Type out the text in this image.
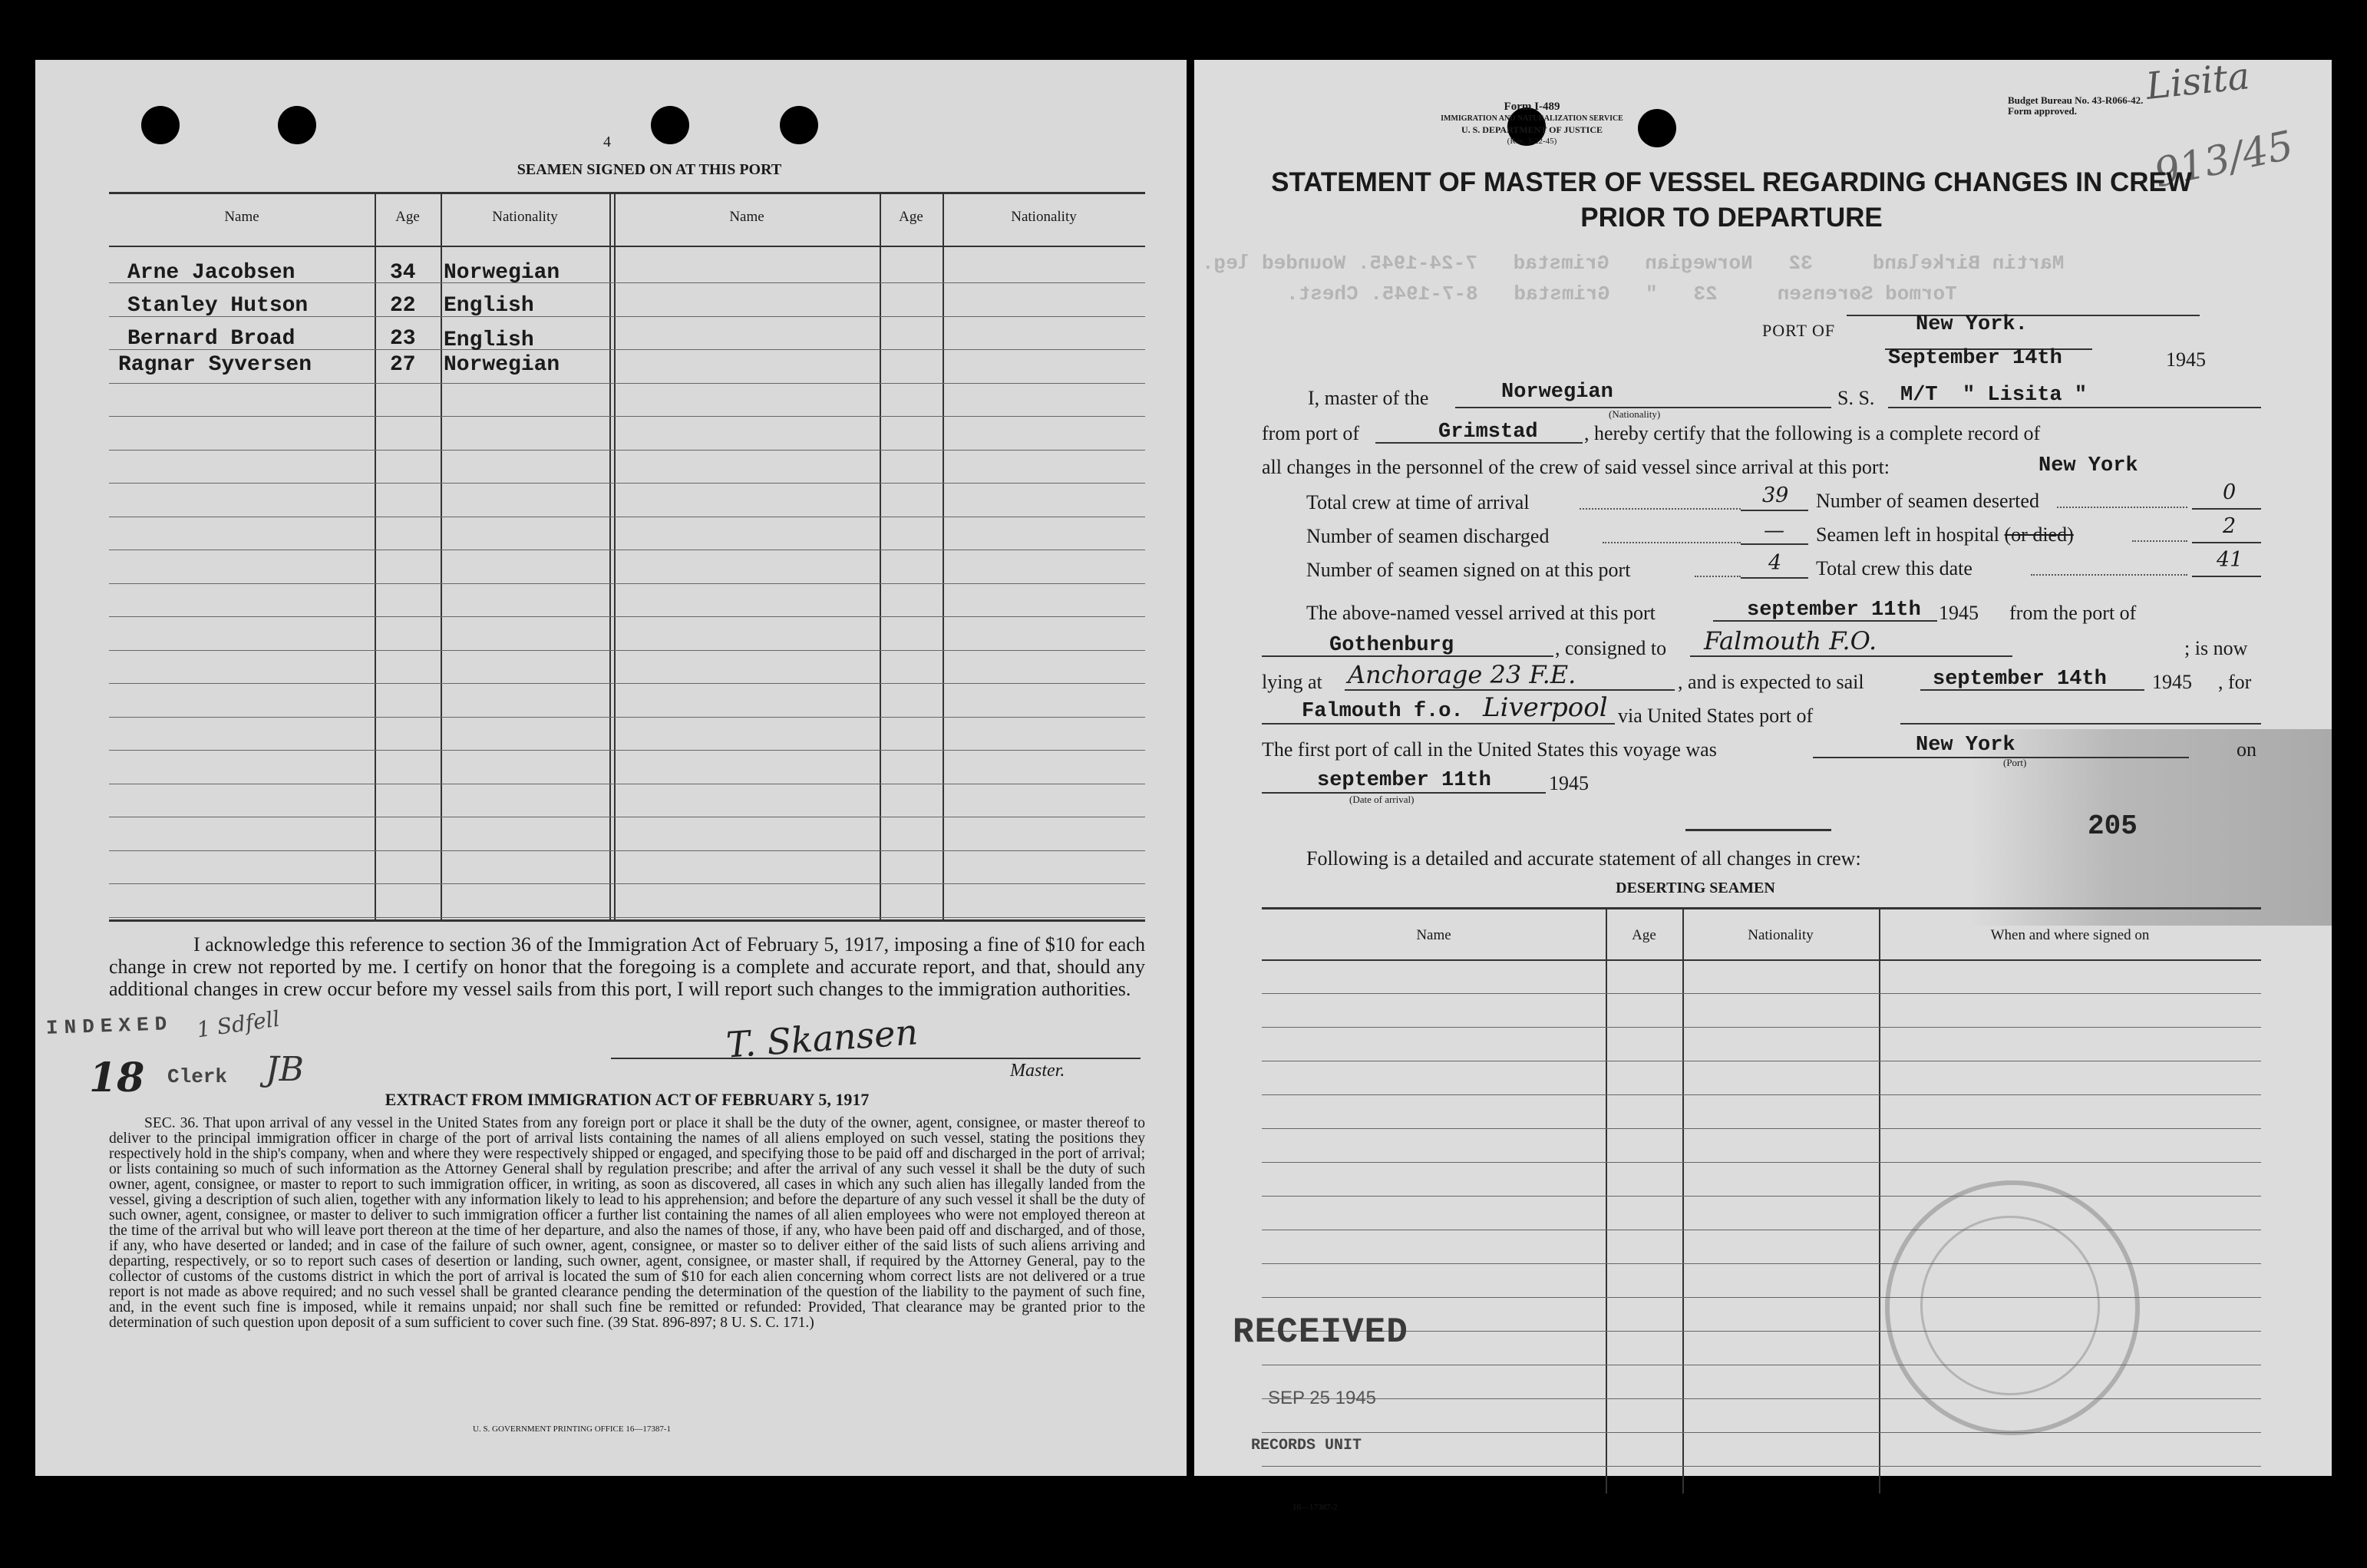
4
SEAMEN SIGNED ON AT THIS PORT
Name	Age	Nationality	Name	Age	Nationality
Arne Jacobsen	34 Norwegian
Stanley Hutson	22 English
Bernard Broad	23 English
Ragnar Syversen	27 Norwegian
I acknowledge this reference to section 36 of the Immigration Act of February 5, 1917, imposing a fine of $10 for each change in crew not reported by me. I certify on honor that the foregoing is a complete and accurate report, and that, should any additional changes in crew occur before my vessel sails from this port, I will report such changes to the immigration authorities.
INDEXED 1 Sdfell
18 Clerk JB
T. Skansen
Master.
EXTRACT FROM IMMIGRATION ACT OF FEBRUARY 5, 1917
SEC. 36. That upon arrival of any vessel in the United States from any foreign port or place it shall be the duty of the owner, agent, consignee, or master thereof to deliver to the principal immigration officer in charge of the port of arrival lists containing the names of all aliens employed on such vessel, stating the positions they respectively hold in the ship's company, when and where they were respectively shipped or engaged, and specifying those to be paid off and discharged in the port of arrival; or lists containing so much of such information as the Attorney General shall by regulation prescribe; and after the arrival of any such vessel it shall be the duty of such owner, agent, consignee, or master to report to such immigration officer, in writing, as soon as discovered, all cases in which any such alien has illegally landed from the vessel, giving a description of such alien, together with any information likely to lead to his apprehension; and before the departure of any such vessel it shall be the duty of such owner, agent, consignee, or master to deliver to such immigration officer a further list containing the names of all alien employees who were not employed thereon at the time of the arrival but who will leave port thereon at the time of her departure, and also the names of those, if any, who have been paid off and discharged, and of those, if any, who have deserted or landed; and in case of the failure of such owner, agent, consignee, or master so to deliver either of the said lists of such aliens arriving and departing, respectively, or so to report such cases of desertion or landing, such owner, agent, consignee, or master shall, if required by the Attorney General, pay to the collector of customs of the customs district in which the port of arrival is located the sum of $10 for each alien concerning whom correct lists are not delivered or a true report is not made as above required; and no such vessel shall be granted clearance pending the determination of the question of the liability to the payment of such fine, and, in the event such fine is imposed, while it remains unpaid; nor shall such fine be remitted or refunded: Provided, That clearance may be granted prior to the determination of such question upon deposit of a sum sufficient to cover such fine. (39 Stat. 896-897; 8 U. S. C. 171.)
U. S. GOVERNMENT PRINTING OFFICE 16—17387-1
Martin Birkeland     32   Norwegian   Grimstad   7-24-1945. Wounded leg.
Tormod Sørensen     23   "   Grimstad   8-7-1945. Chest.
Form I-489
IMMIGRATION AND NATURALIZATION SERVICE
U. S. DEPARTMENT OF JUSTICE
(Rev. 3-22-45)
Budget Bureau No. 43-R066-42.
Form approved.
Lisita
913/45
STATEMENT OF MASTER OF VESSEL REGARDING CHANGES IN CREW
PRIOR TO DEPARTURE
PORT OF	New York.
September 14th	1945
I, master of the	Norwegian
(Nationality)
S. S. M/T  " Lisita "
from port of	Grimstad , hereby certify that the following is a complete record of
all changes in the personnel of the crew of said vessel since arrival at this port:	New York
Total crew at time of arrival	39 Number of seamen deserted	0
Number of seamen discharged	— Seamen left in hospital (or died)	2
Number of seamen signed on at this port	4 Total crew this date	41
The above-named vessel arrived at this port	september 11th 1945 from the port of
Gothenburg	, consigned to Falmouth F.O.	; is now
lying at Anchorage 23 F.E.	, and is expected to sail	september 14th 1945 , for
Falmouth f.o. Liverpool via United States port of
The first port of call in the United States this voyage was	New York
(Port)
on
september 11th	1945
(Date of arrival)
205
Following is a detailed and accurate statement of all changes in crew:
DESERTING SEAMEN
Name	Age	Nationality	When and where signed on
RECEIVED
SEP 25 1945
RECORDS UNIT
16—17387-2
